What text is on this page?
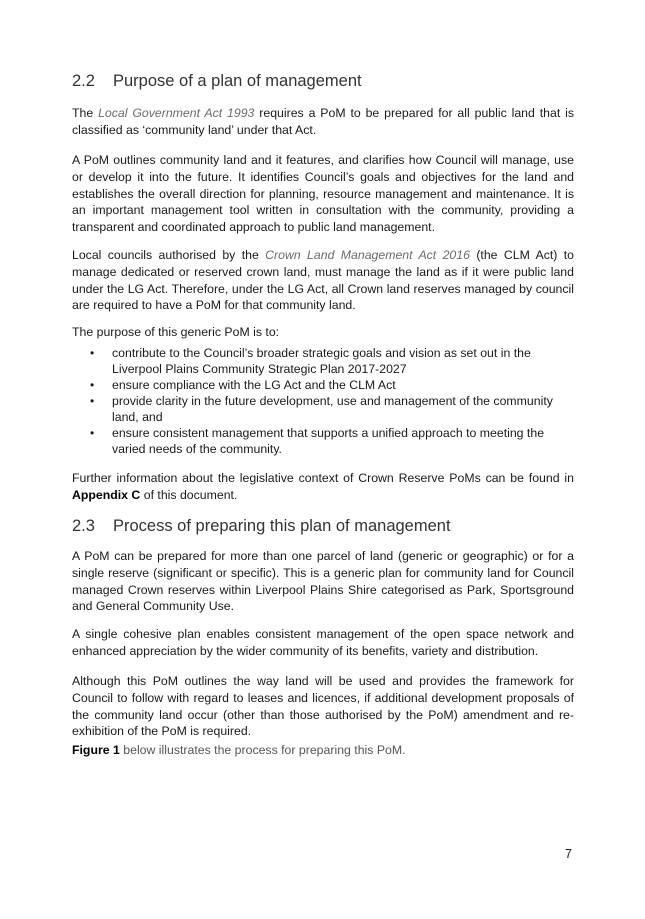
2.2 Purpose of a plan of management

The Local Government Act 1993 requires a PoM to be prepared for all public land that is classified as ‘community land’ under that Act.

A PoM outlines community land and it features, and clarifies how Council will manage, use or develop it into the future. It identifies Council’s goals and objectives for the land and establishes the overall direction for planning, resource management and maintenance. It is an important management tool written in consultation with the community, providing a transparent and coordinated approach to public land management.

Local councils authorised by the Crown Land Management Act 2016 (the CLM Act) to manage dedicated or reserved crown land, must manage the land as if it were public land under the LG Act. Therefore, under the LG Act, all Crown land reserves managed by council are required to have a PoM for that community land.

The purpose of this generic PoM is to:

• contribute to the Council’s broader strategic goals and vision as set out in the Liverpool Plains Community Strategic Plan 2017-2027
• ensure compliance with the LG Act and the CLM Act
• provide clarity in the future development, use and management of the community land, and
• ensure consistent management that supports a unified approach to meeting the varied needs of the community.

Further information about the legislative context of Crown Reserve PoMs can be found in Appendix C of this document.

2.3 Process of preparing this plan of management

A PoM can be prepared for more than one parcel of land (generic or geographic) or for a single reserve (significant or specific). This is a generic plan for community land for Council managed Crown reserves within Liverpool Plains Shire categorised as Park, Sportsground and General Community Use.

A single cohesive plan enables consistent management of the open space network and enhanced appreciation by the wider community of its benefits, variety and distribution.

Although this PoM outlines the way land will be used and provides the framework for Council to follow with regard to leases and licences, if additional development proposals of the community land occur (other than those authorised by the PoM) amendment and re-exhibition of the PoM is required.

Figure 1 below illustrates the process for preparing this PoM.

7
